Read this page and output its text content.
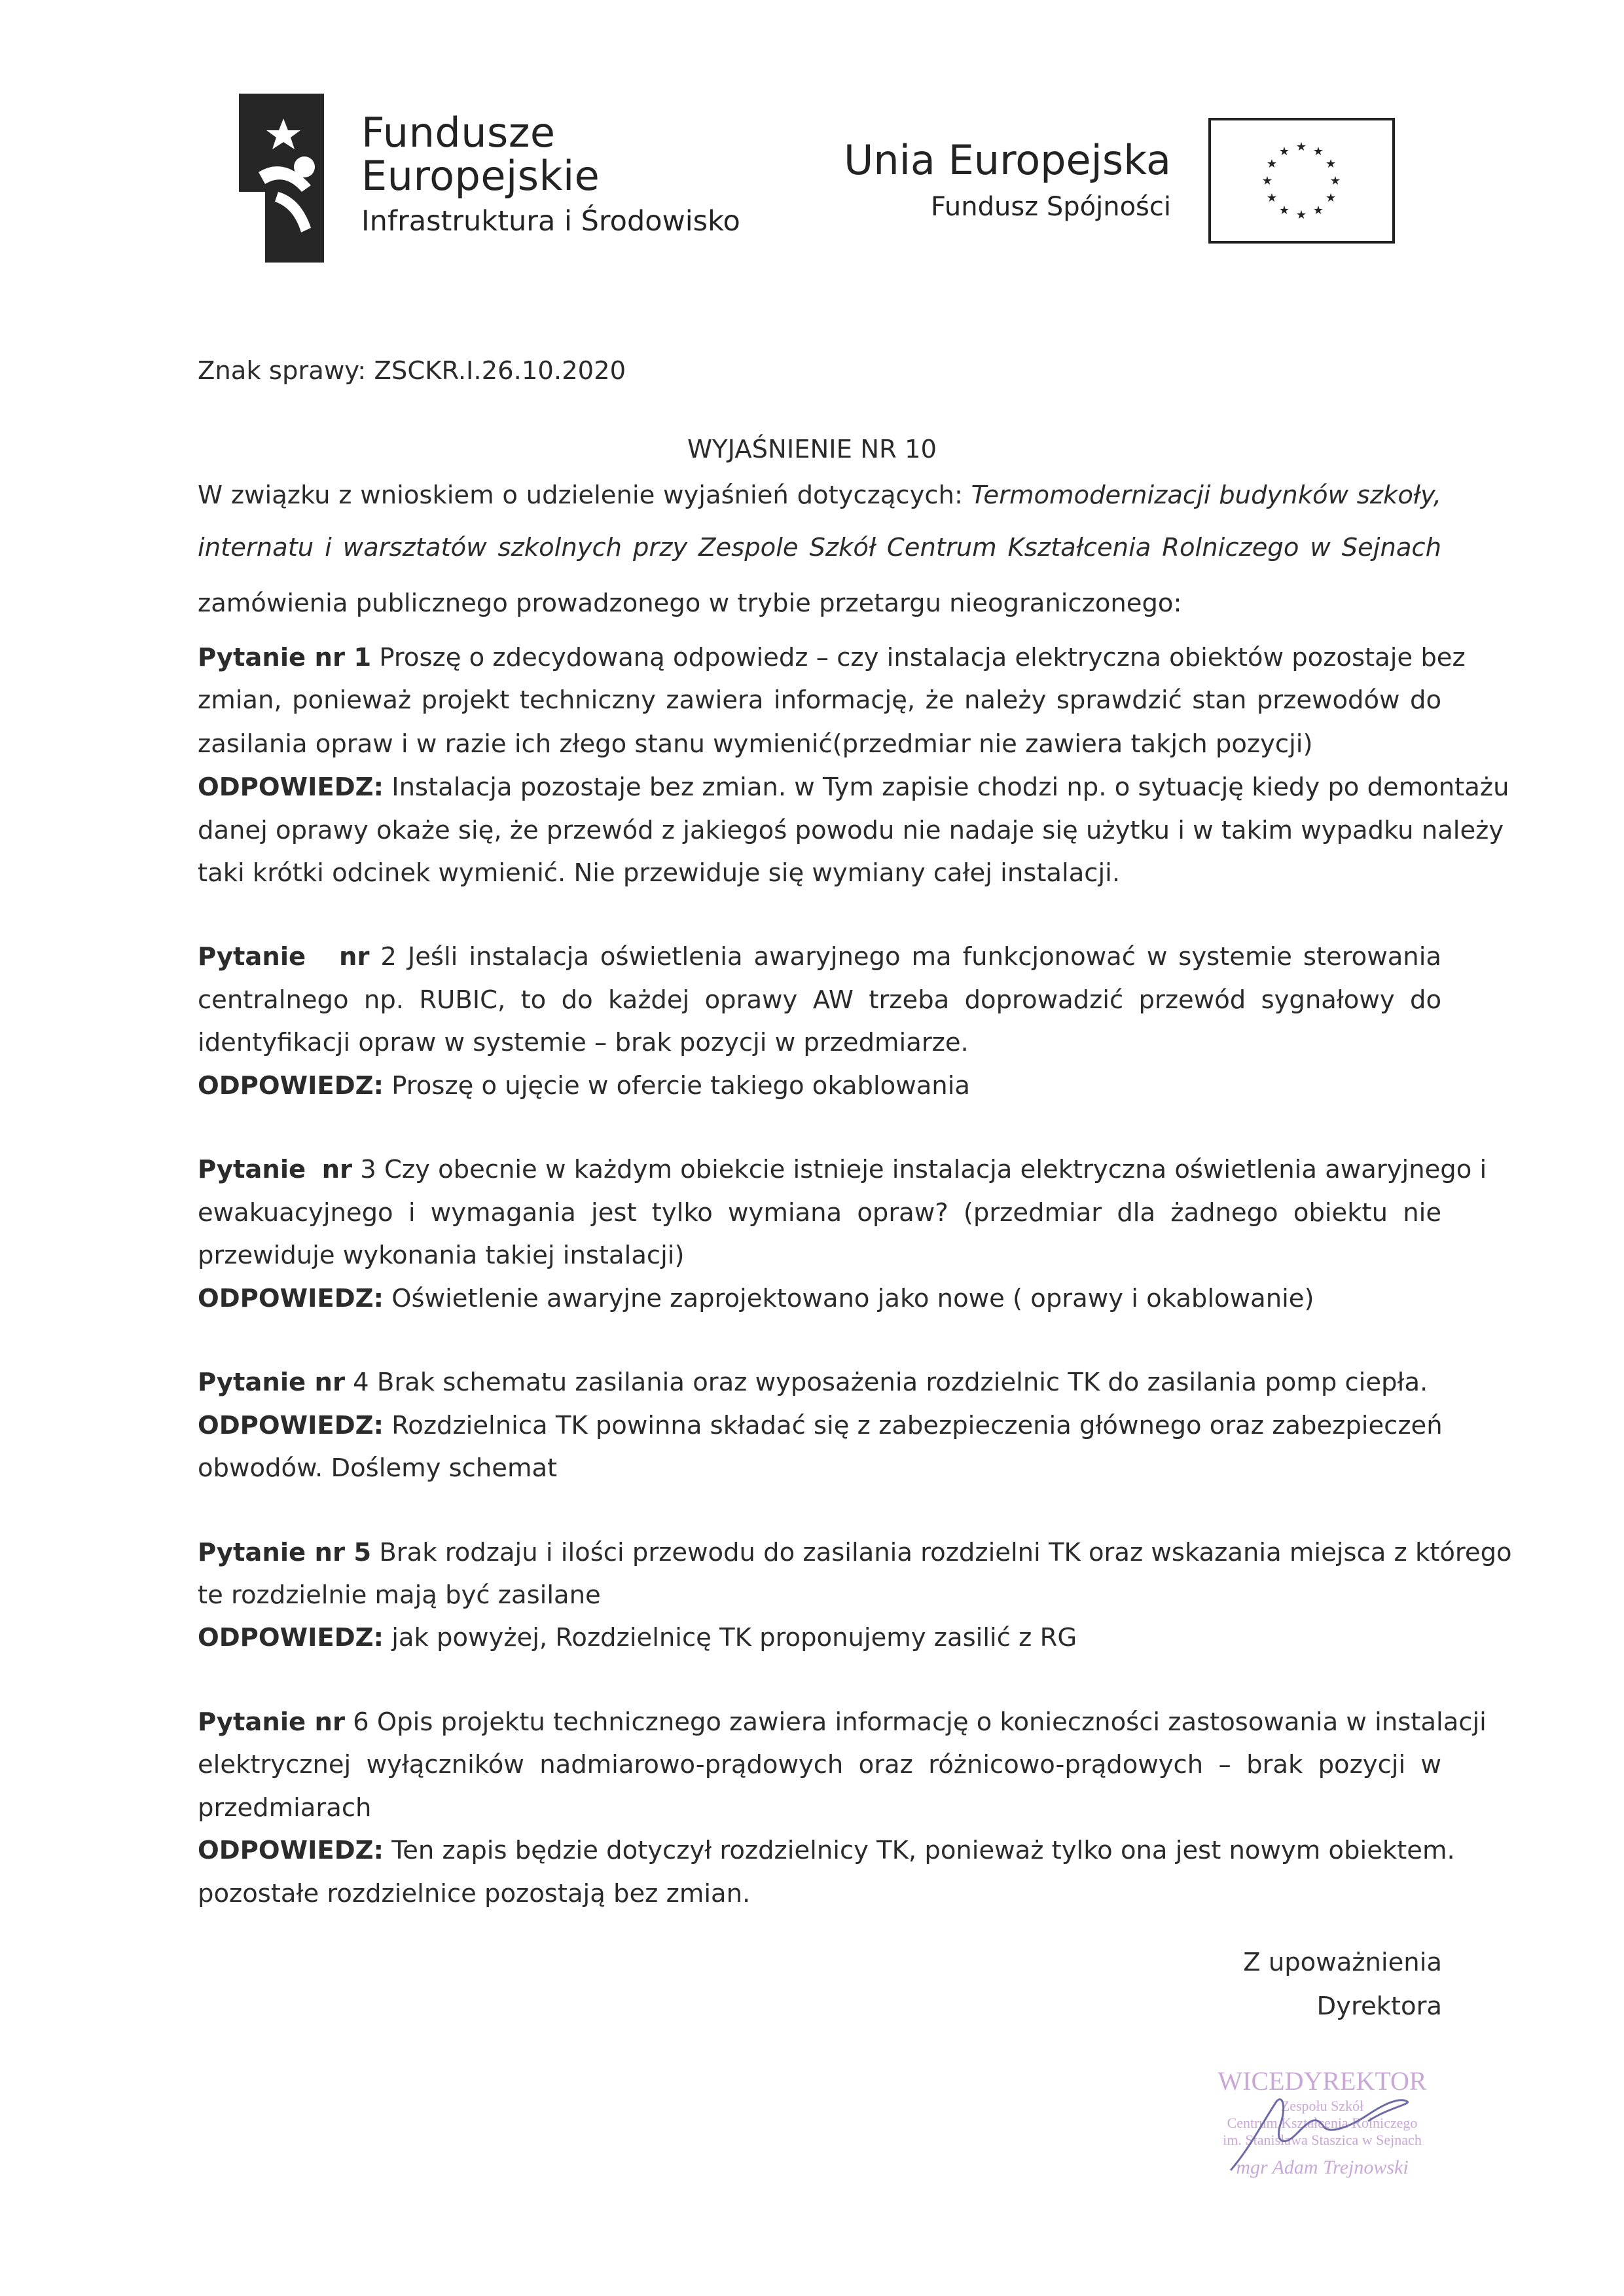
Fundusze
Europejskie
Infrastruktura i Środowisko
Unia Europejska
Fundusz Spójności
★ ★
★
★
★
★
★
★
★
★
★
★
Znak sprawy: ZSCKR.I.26.10.2020
WYJAŚNIENIE NR 10
W związku z wnioskiem o udzielenie wyjaśnień dotyczących: Termomodernizacji budynków szkoły,
internatu i warsztatów szkolnych przy Zespole Szkół Centrum Kształcenia Rolniczego w Sejnach
zamówienia publicznego prowadzonego w trybie przetargu nieograniczonego:
Pytanie nr 1 Proszę o zdecydowaną odpowiedz – czy instalacja elektryczna obiektów pozostaje bez
zmian, ponieważ projekt techniczny zawiera informację, że należy sprawdzić stan przewodów do
zasilania opraw i w razie ich złego stanu wymienić(przedmiar nie zawiera takjch pozycji)
ODPOWIEDZ: Instalacja pozostaje bez zmian. w Tym zapisie chodzi np. o sytuację kiedy po demontażu
danej oprawy okaże się, że przewód z jakiegoś powodu nie nadaje się użytku i w takim wypadku należy
taki krótki odcinek wymienić. Nie przewiduje się wymiany całej instalacji.
Pytanie nr 2 Jeśli instalacja oświetlenia awaryjnego ma funkcjonować w systemie sterowania
centralnego np. RUBIC, to do każdej oprawy AW trzeba doprowadzić przewód sygnałowy do
identyfikacji opraw w systemie – brak pozycji w przedmiarze.
ODPOWIEDZ: Proszę o ujęcie w ofercie takiego okablowania
Pytanie nr 3 Czy obecnie w każdym obiekcie istnieje instalacja elektryczna oświetlenia awaryjnego i
ewakuacyjnego i wymagania jest tylko wymiana opraw? (przedmiar dla żadnego obiektu nie
przewiduje wykonania takiej instalacji)
ODPOWIEDZ: Oświetlenie awaryjne zaprojektowano jako nowe ( oprawy i okablowanie)
Pytanie nr 4 Brak schematu zasilania oraz wyposażenia rozdzielnic TK do zasilania pomp ciepła.
ODPOWIEDZ: Rozdzielnica TK powinna składać się z zabezpieczenia głównego oraz zabezpieczeń
obwodów. Doślemy schemat
Pytanie nr 5 Brak rodzaju i ilości przewodu do zasilania rozdzielni TK oraz wskazania miejsca z którego
te rozdzielnie mają być zasilane
ODPOWIEDZ: jak powyżej, Rozdzielnicę TK proponujemy zasilić z RG
Pytanie nr 6 Opis projektu technicznego zawiera informację o konieczności zastosowania w instalacji
elektrycznej wyłączników nadmiarowo-prądowych oraz różnicowo-prądowych – brak pozycji w
przedmiarach
ODPOWIEDZ: Ten zapis będzie dotyczył rozdzielnicy TK, ponieważ tylko ona jest nowym obiektem.
pozostałe rozdzielnice pozostają bez zmian.
Z upoważnienia
Dyrektora
WICEDYREKTOR
Zespołu Szkół
Centrum Kształcenia Rolniczego
im. Stanisława Staszica w Sejnach
mgr Adam Trejnowski
